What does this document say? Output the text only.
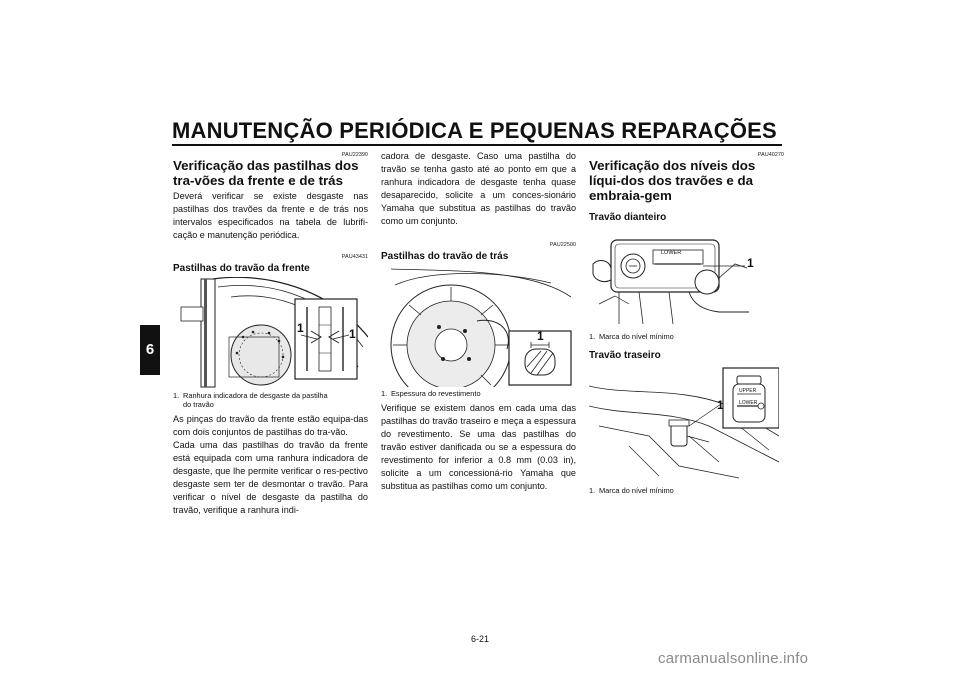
MANUTENÇÃO PERIÓDICA E PEQUENAS REPARAÇÕES
6
PAU22390
Verificação das pastilhas dos tra-vões da frente e de trás

Deverá verificar se existe desgaste nas pastilhas dos travões da frente e de trás nos intervalos especificados na tabela de lubrifi-cação e manutenção periódica.

PAU43431
Pastilhas do travão da frente
1	1
1. Ranhura indicadora de desgaste da pastilha
do travão

As pinças do travão da frente estão equipa-das com dois conjuntos de pastilhas do tra-vão.

Cada uma das pastilhas do travão da frente está equipada com uma ranhura indicadora de desgaste, que lhe permite verificar o res-pectivo desgaste sem ter de desmontar o travão. Para verificar o nível de desgaste da pastilha do travão, verifique a ranhura indi-

cadora de desgaste. Caso uma pastilha do travão se tenha gasto até ao ponto em que a ranhura indicadora de desgaste tenha quase desaparecido, solicite a um conces-sionário Yamaha que substitua as pastilhas do travão como um conjunto.

PAU22500
Pastilhas do travão de trás
1
1. Espessura do revestimento

Verifique se existem danos em cada uma das pastilhas do travão traseiro e meça a espessura do revestimento. Se uma das pastilhas do travão estiver danificada ou se a espessura do revestimento for inferior a 0.8 mm (0.03 in), solicite a um concessioná-rio Yamaha que substitua as pastilhas como um conjunto.

PAU40270
Verificação dos níveis dos líqui-dos dos travões e da embraia-gem
Travão dianteiro
LOWER
1
1. Marca do nível mínimo
Travão traseiro
UPPER
LOWER
1
1. Marca do nível mínimo
6-21
carmanualsonline.info
